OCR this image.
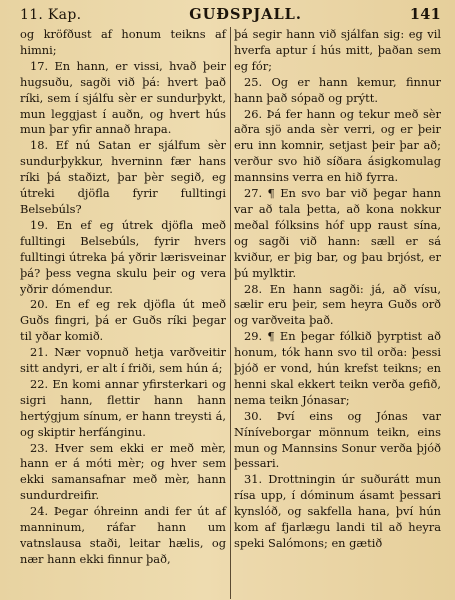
11. Kap.	GUÐSPJALL.	141

og kröfðust af honum teikns af himni;

17. En hann, er vissi, hvað þeir hugsuðu, sagði við þá: hvert það ríki, sem í sjálfu sèr er sundurþykt, mun leggjast í auðn, og hvert hús mun þar yfir annað hrapa.

18. Ef nú Satan er sjálfum sèr sundurþykkur, hverninn fær hans ríki þá staðizt, þar þèr segið, eg útreki djöfla fyrir fulltingi Belsebúls?

19. En ef eg útrek djöfla með fulltingi Belsebúls, fyrir hvers fulltingi útreka þá yðrir lærisveinar þá? þess vegna skulu þeir og vera yðrir dómendur.

20. En ef eg rek djöfla út með Guðs fingri, þá er Guðs ríki þegar til yðar komið.

21. Nær vopnuð hetja varðveitir sitt andyri, er alt í friði, sem hún á;

22. En komi annar yfirsterkari og sigri hann, flettir hann hann hertýgjum sínum, er hann treysti á, og skiptir herfánginu.

23. Hver sem ekki er með mèr, hann er á móti mèr; og hver sem ekki samansafnar með mèr, hann sundurdreifir.

24. Þegar óhreinn andi fer út af manninum, ráfar hann um vatnslausa staði, leitar hælis, og nær hann ekki finnur það,

þá segir hann við sjálfan sig: eg vil hverfa aptur í hús mitt, þaðan sem eg fór;

25. Og er hann kemur, finnur hann það sópað og prýtt.

26. Þá fer hann og tekur með sèr aðra sjö anda sèr verri, og er þeir eru inn komnir, setjast þeir þar að; verður svo hið síðara ásigkomulag mannsins verra en hið fyrra.

27. ¶ En svo bar við þegar hann var að tala þetta, að kona nokkur meðal fólksins hóf upp raust sína, og sagði við hann: sæll er sá kviður, er þig bar, og þau brjóst, er þú mylktir.

28. En hann sagði: já, að vísu, sælir eru þeir, sem heyra Guðs orð og varðveita það.

29. ¶ En þegar fólkið þyrptist að honum, tók hann svo til orða: þessi þjóð er vond, hún krefst teikns; en henni skal ekkert teikn verða gefið, nema teikn Jónasar;

30. Því eins og Jónas var Níníveborgar mönnum teikn, eins mun og Mannsins Sonur verða þjóð þessari.

31. Drottningin úr suðurátt mun rísa upp, í dóminum ásamt þessari kynslóð, og sakfella hana, því hún kom af fjarlægu landi til að heyra speki Salómons; en gætið
